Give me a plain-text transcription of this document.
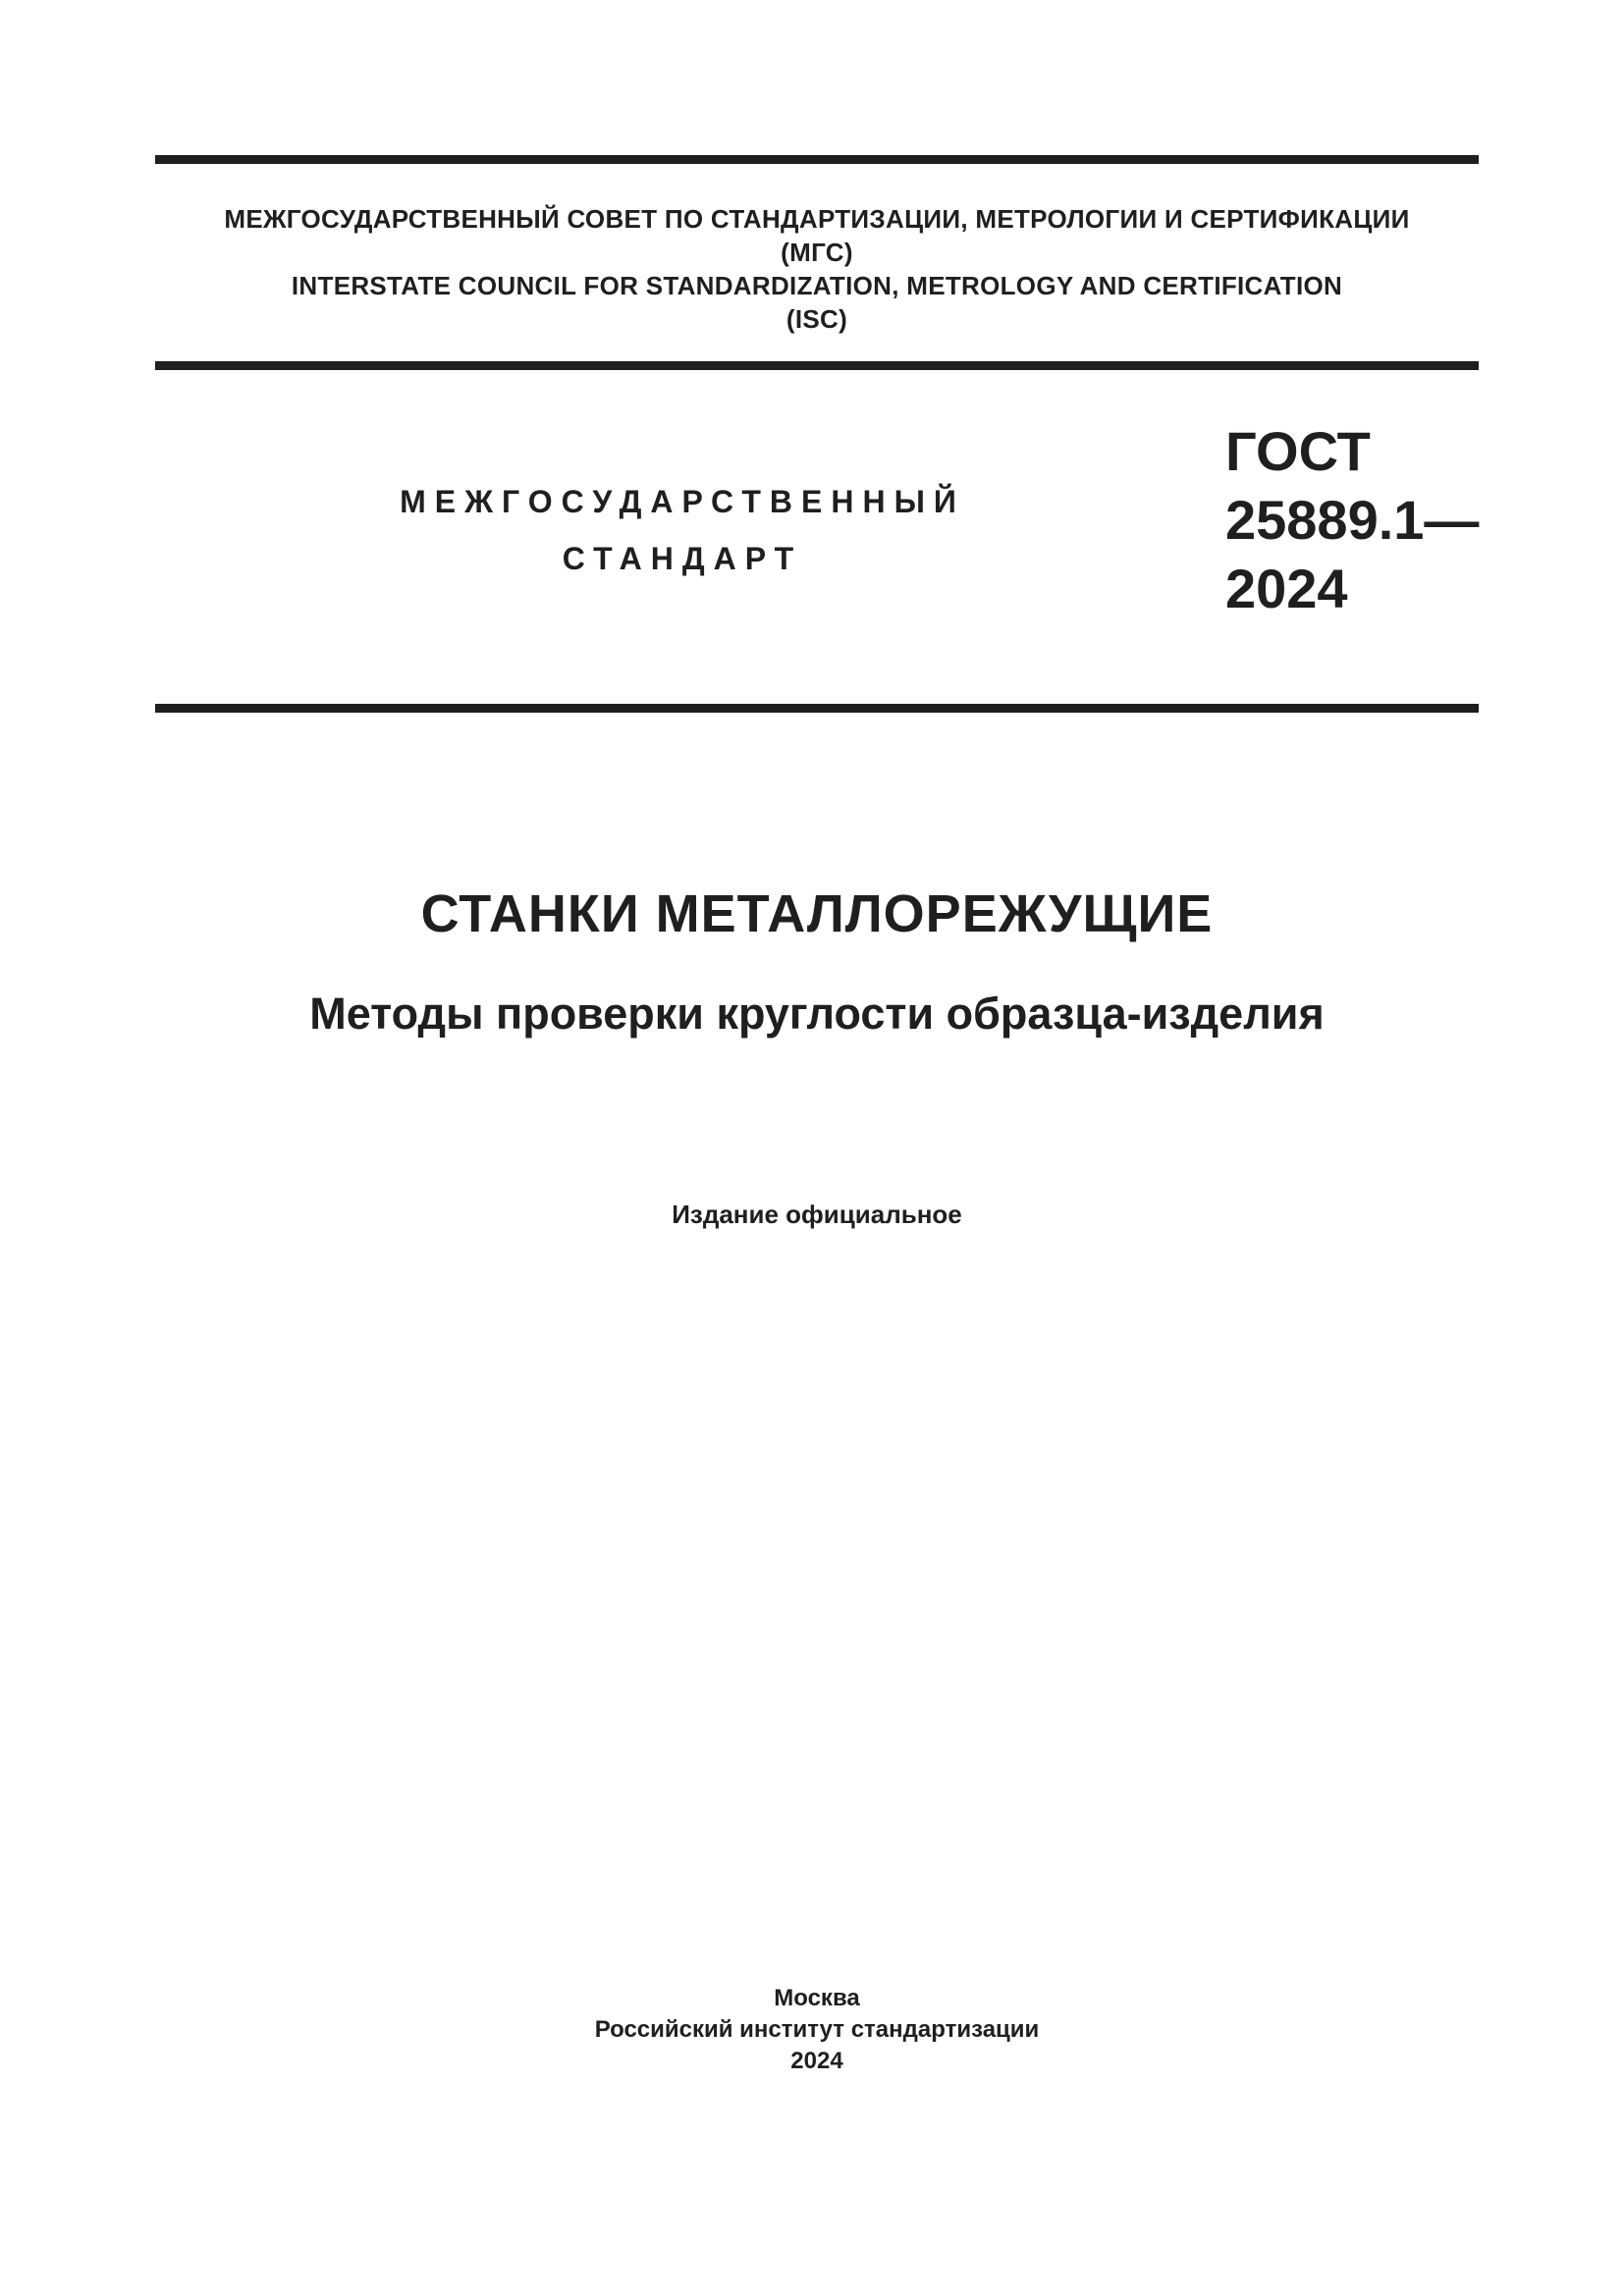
МЕЖГОСУДАРСТВЕННЫЙ СОВЕТ ПО СТАНДАРТИЗАЦИИ, МЕТРОЛОГИИ И СЕРТИФИКАЦИИ
(МГС)
INTERSTATE COUNCIL FOR STANDARDIZATION, METROLOGY AND CERTIFICATION
(ISC)
МЕЖГОСУДАРСТВЕННЫЙ
СТАНДАРТ
ГОСТ
25889.1—
2024
СТАНКИ МЕТАЛЛОРЕЖУЩИЕ
Методы проверки круглости образца-изделия
Издание официальное
Москва
Российский институт стандартизации
2024
